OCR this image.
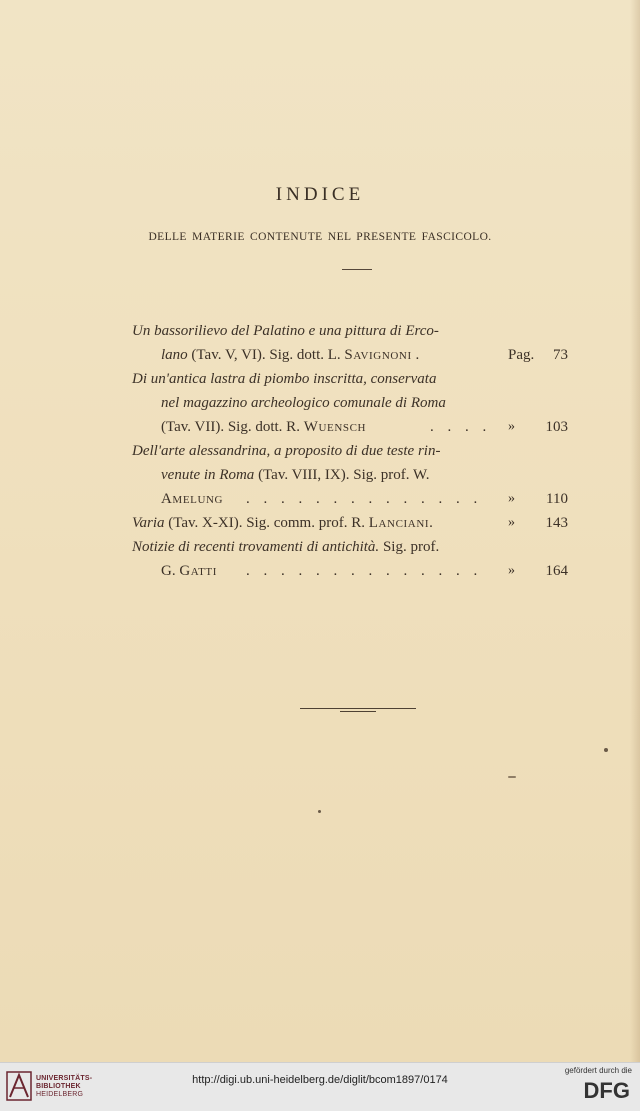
INDICE
DELLE MATERIE CONTENUTE NEL PRESENTE FASCICOLO.
Un bassorilievo del Palatino e una pittura di Erco-
lano (Tav. V, VI). Sig. dott. L. Savignoni .	Pag.	73
Di un'antica lastra di piombo inscritta, conservata
nel magazzino archeologico comunale di Roma
(Tav. VII). Sig. dott. R. Wuensch	. . . . »	103
Dell'arte alessandrina, a proposito di due teste rin-
venute in Roma (Tav. VIII, IX). Sig. prof. W.
Amelung . . . . . . . . . . . . . . »	110
Varia (Tav. X-XI). Sig. comm. prof. R. Lanciani.	»	143
Notizie di recenti trovamenti di antichità. Sig. prof.
G. Gatti . . . . . . . . . . . . . . »	164
UNIVERSITÄTS-
BIBLIOTHEK
HEIDELBERG
http://digi.ub.uni-heidelberg.de/diglit/bcom1897/0174
gefördert durch die
DFG
